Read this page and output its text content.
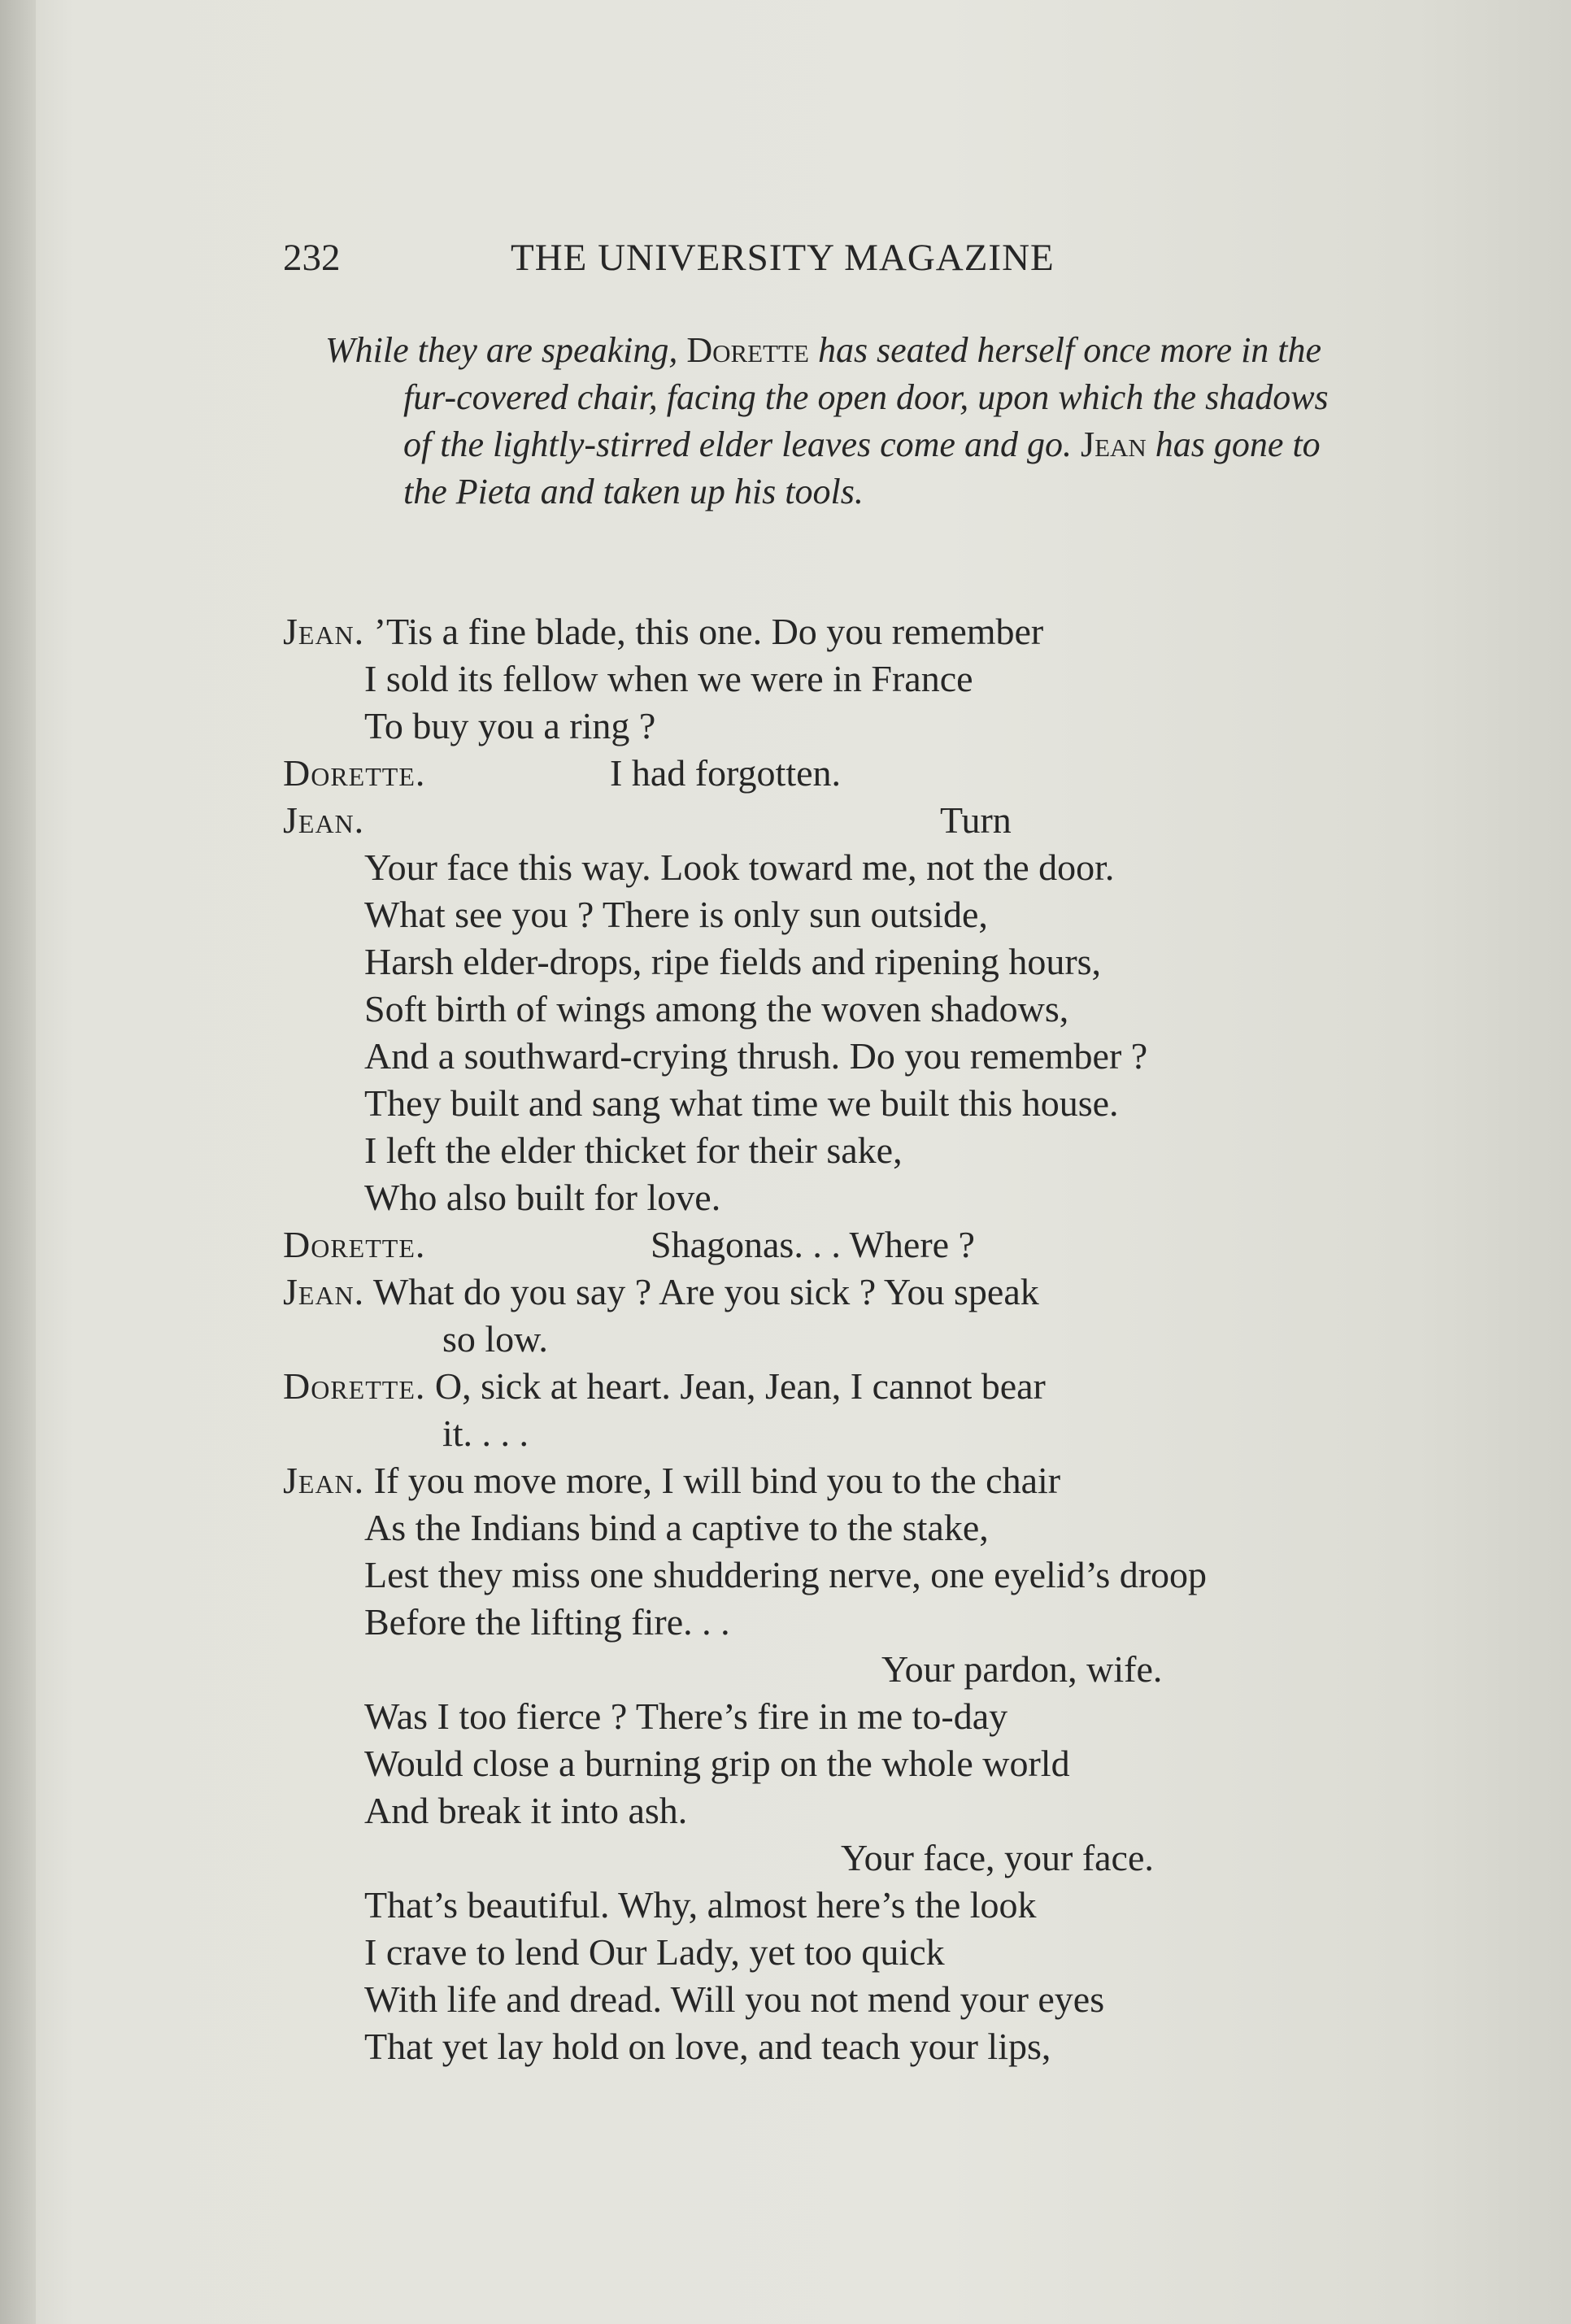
232	THE UNIVERSITY MAGAZINE
While they are speaking, Dorette has seated herself once more in the fur-covered chair, facing the open door, upon which the shadows of the lightly-stirred elder leaves come and go. Jean has gone to the Pieta and taken up his tools.
Jean. ’Tis a fine blade, this one. Do you remember
I sold its fellow when we were in France
To buy you a ring ?
Dorette.	I had forgotten.
Jean.	Turn
Your face this way. Look toward me, not the door.
What see you ? There is only sun outside,
Harsh elder-drops, ripe fields and ripening hours,
Soft birth of wings among the woven shadows,
And a southward-crying thrush. Do you remember ?
They built and sang what time we built this house.
I left the elder thicket for their sake,
Who also built for love.
Dorette.	Shagonas. . . Where ?
Jean. What do you say ? Are you sick ? You speak
so low.
Dorette. O, sick at heart. Jean, Jean, I cannot bear
it. . . .
Jean. If you move more, I will bind you to the chair
As the Indians bind a captive to the stake,
Lest they miss one shuddering nerve, one eyelid’s droop
Before the lifting fire. . .
Your pardon, wife.
Was I too fierce ? There’s fire in me to-day
Would close a burning grip on the whole world
And break it into ash.
Your face, your face.
That’s beautiful. Why, almost here’s the look
I crave to lend Our Lady, yet too quick
With life and dread. Will you not mend your eyes
That yet lay hold on love, and teach your lips,
